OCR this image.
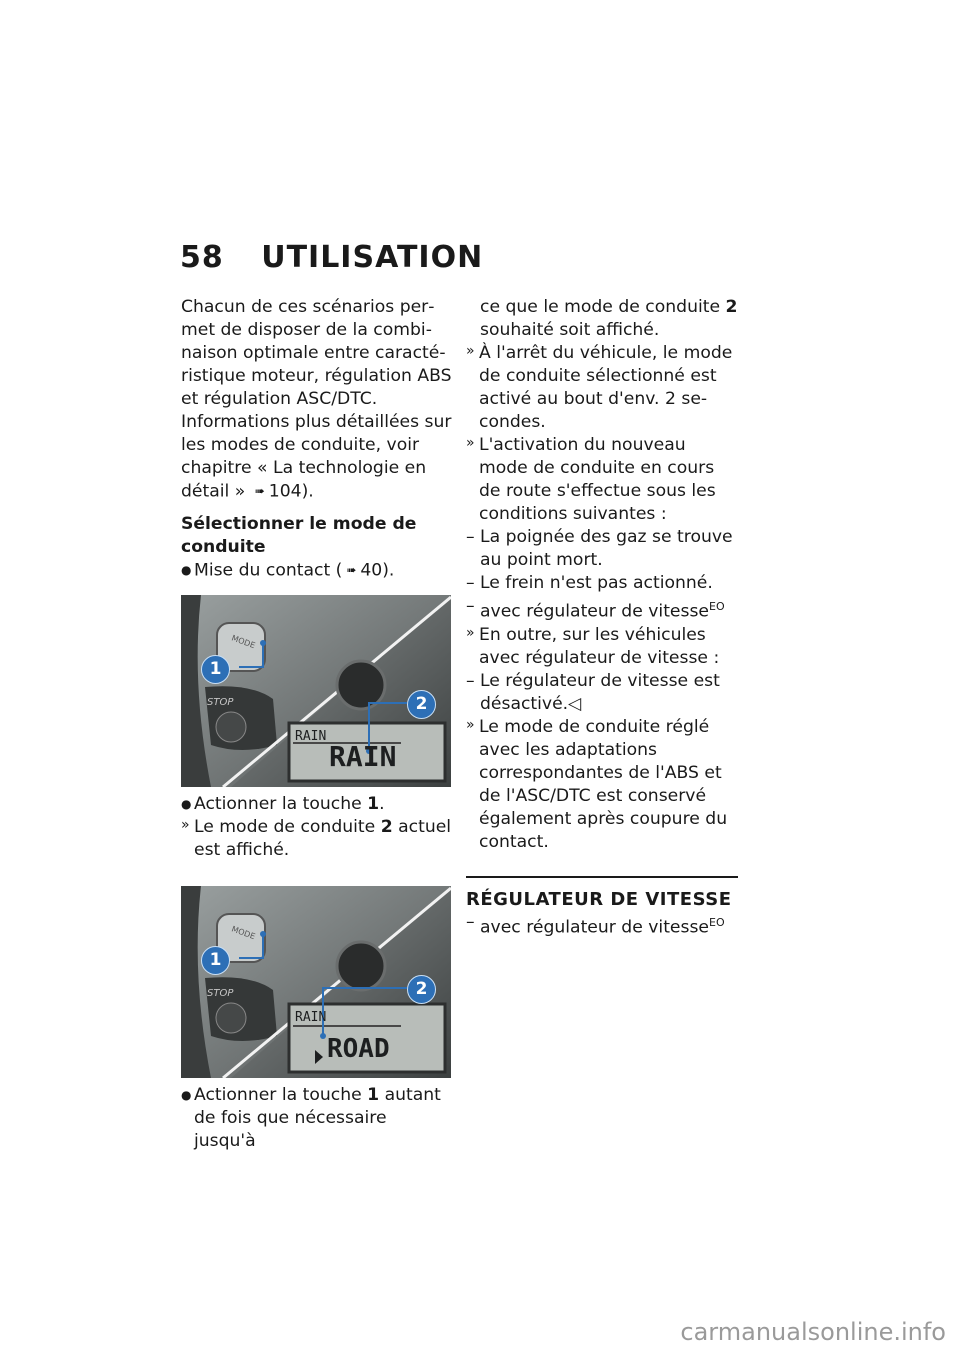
58 UTILISATION

Chacun de ces scénarios permet de disposer de la combinaison optimale entre caractéristique moteur, régulation ABS et régulation ASC/DTC. Informations plus détaillées sur les modes de conduite, voir chapitre « La technologie en détail » ➠ 104).

Sélectionner le mode de conduite

● Mise du contact ( ➠ 40).
MODE
STOP
1
2
RAIN
RAIN
● Actionner la touche 1.
» Le mode de conduite 2 actuel est affiché.
MODE
STOP
1
2
RAIN
ROAD
● Actionner la touche 1 autant de fois que nécessaire jusqu'à

ce que le mode de conduite 2 souhaité soit affiché.

» À l'arrêt du véhicule, le mode de conduite sélectionné est activé au bout d'env. 2 secondes.
» L'activation du nouveau mode de conduite en cours de route s'effectue sous les conditions suivantes :
– La poignée des gaz se trouve au point mort.
– Le frein n'est pas actionné.
– avec régulateur de vitesse$^{EO}$
» En outre, sur les véhicules avec régulateur de vitesse :
– Le régulateur de vitesse est désactivé.◁
» Le mode de conduite réglé avec les adaptations correspondantes de l'ABS et de l'ASC/DTC est conservé également après coupure du contact.

RÉGULATEUR DE VITESSE

– avec régulateur de vitesse$^{EO}$
carmanualsonline.info
